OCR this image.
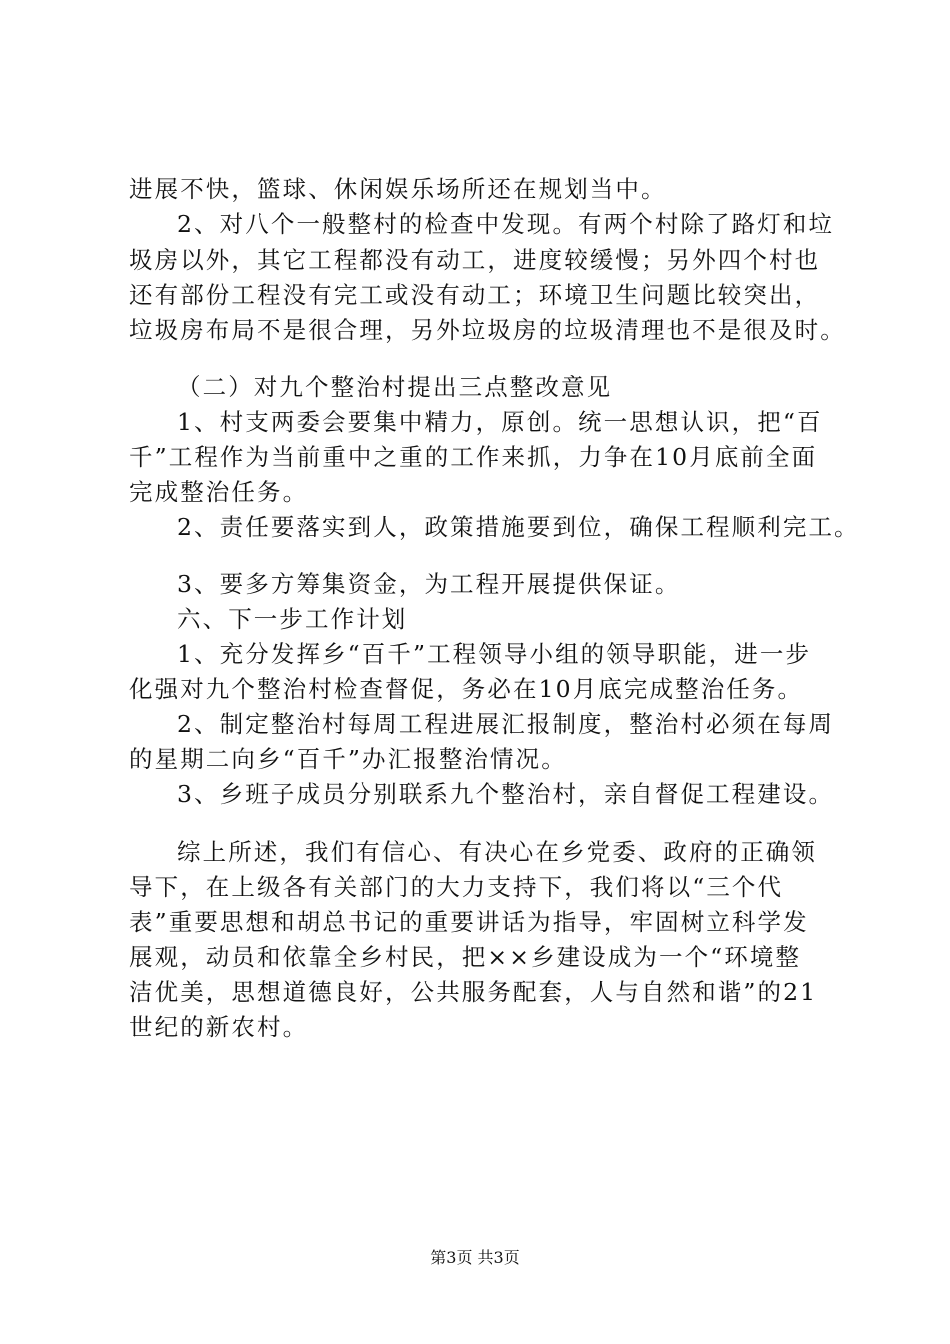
进展不快，篮球、休闲娱乐场所还在规划当中。
2、对八个一般整村的检查中发现。有两个村除了路灯和垃
圾房以外，其它工程都没有动工，进度较缓慢；另外四个村也
还有部份工程没有完工或没有动工；环境卫生问题比较突出，
垃圾房布局不是很合理，另外垃圾房的垃圾清理也不是很及时。
（二）对九个整治村提出三点整改意见
1、村支两委会要集中精力，原创。统一思想认识，把“百
千”工程作为当前重中之重的工作来抓，力争在10月底前全面
完成整治任务。
2、责任要落实到人，政策措施要到位，确保工程顺利完工。
3、要多方筹集资金，为工程开展提供保证。
六、下一步工作计划
1、充分发挥乡“百千”工程领导小组的领导职能，进一步
化强对九个整治村检查督促，务必在10月底完成整治任务。
2、制定整治村每周工程进展汇报制度，整治村必须在每周
的星期二向乡“百千”办汇报整治情况。
3、乡班子成员分别联系九个整治村，亲自督促工程建设。
综上所述，我们有信心、有决心在乡党委、政府的正确领
导下，在上级各有关部门的大力支持下，我们将以“三个代
表”重要思想和胡总书记的重要讲话为指导，牢固树立科学发
展观，动员和依靠全乡村民，把××乡建设成为一个“环境整
洁优美，思想道德良好，公共服务配套，人与自然和谐”的21
世纪的新农村。
第3页 共3页
